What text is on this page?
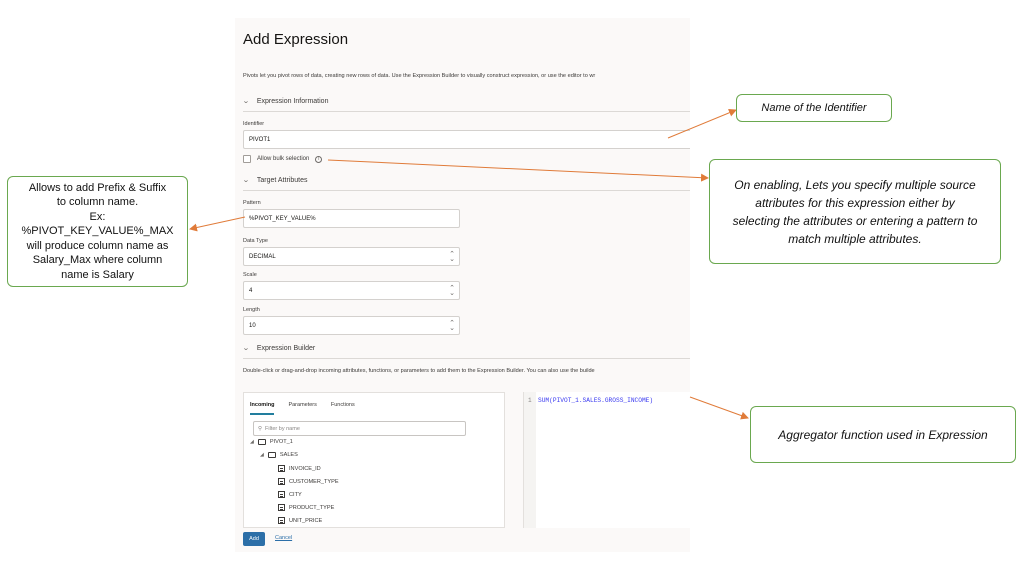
Add Expression
Pivots let you pivot rows of data, creating new rows of data. Use the Expression Builder to visually construct expression, or use the editor to wr
⌄ Expression Information
Identifier
PIVOT1
Allow bulk selection	i
⌄ Target Attributes
Pattern
%PIVOT_KEY_VALUE%
Data Type
DECIMAL	⌃
⌄
Scale
4	⌃
⌄
Length
10	⌃
⌄
⌄ Expression Builder
Double-click or drag-and-drop incoming attributes, functions, or parameters to add them to the Expression Builder. You can also use the builde
Incoming	Parameters	Functions
⚲ Filter by name
◢	PIVOT_1
◢	SALES
INVOICE_ID
CUSTOMER_TYPE
CITY
PRODUCT_TYPE
UNIT_PRICE
1 SUM(PIVOT_1.SALES.GROSS_INCOME)
Add	Cancel
Name of the Identifier
On enabling, Lets you specify multiple source attributes for this expression either by selecting the attributes or entering a pattern to match multiple attributes.
Allows to add Prefix & Suffix
to column name.
Ex:
%PIVOT_KEY_VALUE%_MAX
will produce column name as
Salary_Max where column
name is Salary
Aggregator function used in Expression
